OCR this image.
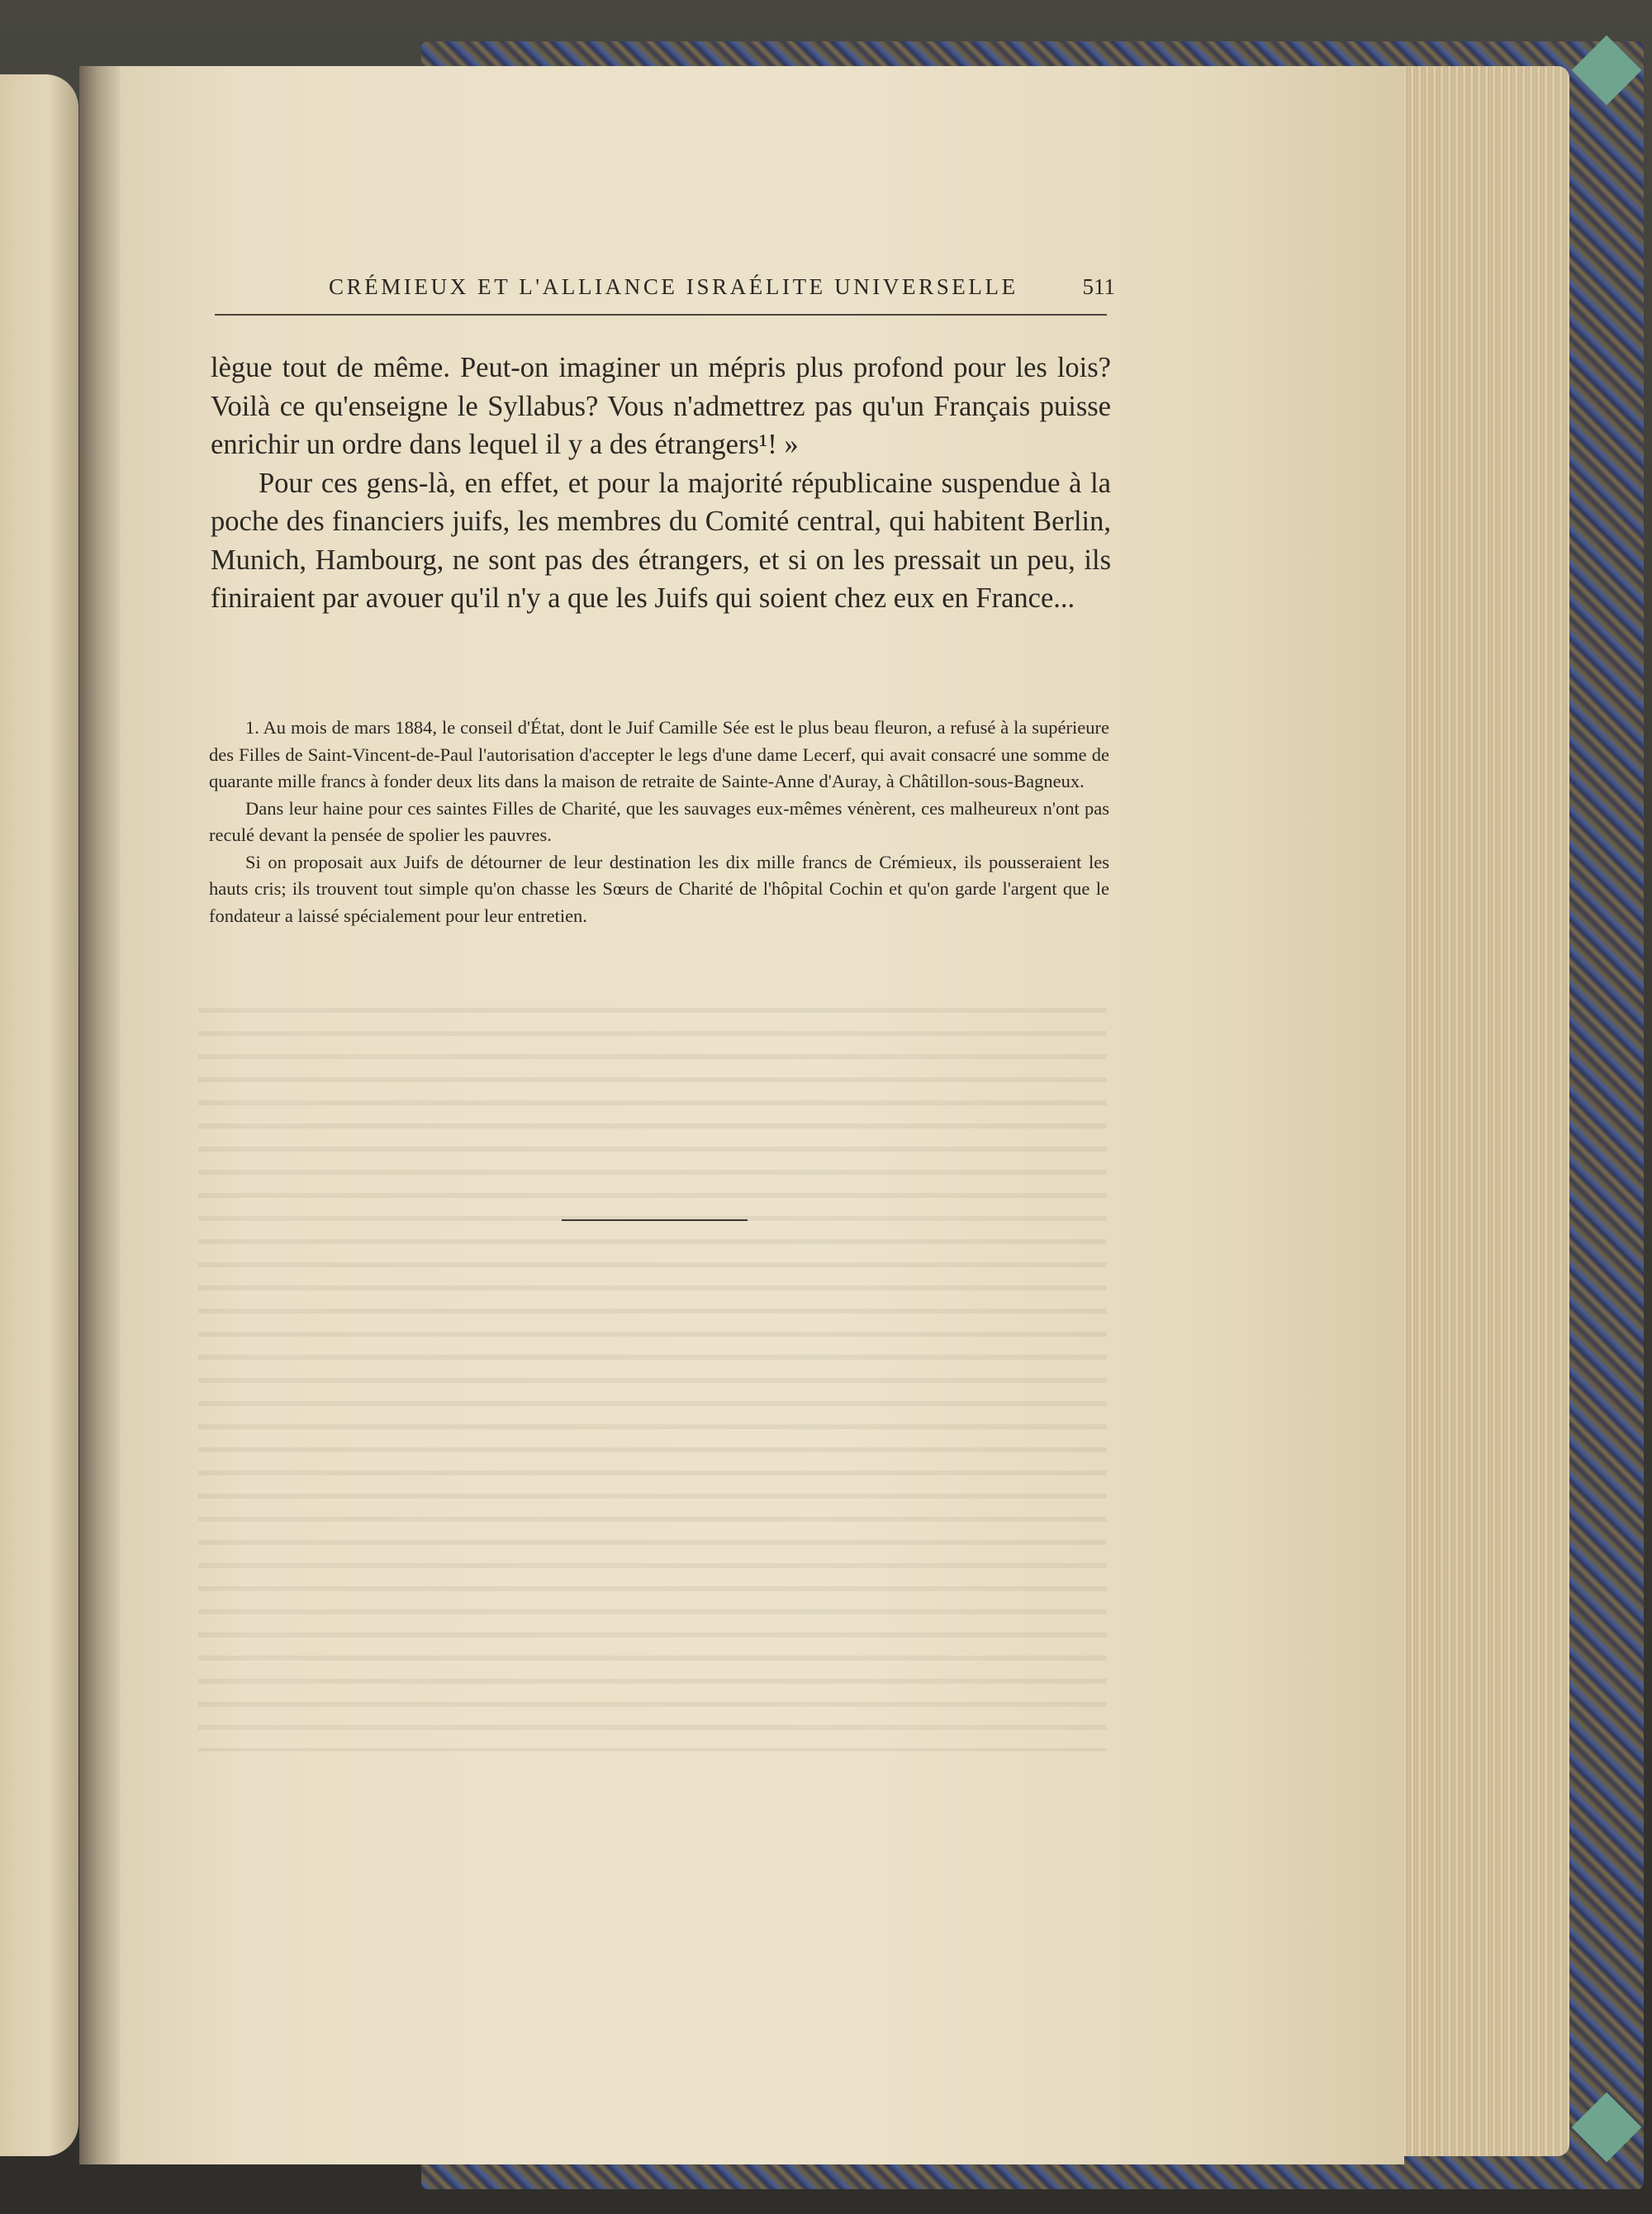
CRÉMIEUX ET L'ALLIANCE ISRAÉLITE UNIVERSELLE	511

lègue tout de même. Peut-on imaginer un mépris plus profond pour les lois? Voilà ce qu'enseigne le Syllabus? Vous n'admettrez pas qu'un Français puisse enrichir un ordre dans lequel il y a des étrangers¹! »

Pour ces gens-là, en effet, et pour la majorité républicaine suspendue à la poche des financiers juifs, les membres du Comité central, qui habitent Berlin, Munich, Hambourg, ne sont pas des étrangers, et si on les pressait un peu, ils finiraient par avouer qu'il n'y a que les Juifs qui soient chez eux en France...

1. Au mois de mars 1884, le conseil d'État, dont le Juif Camille Sée est le plus beau fleuron, a refusé à la supérieure des Filles de Saint-Vincent-de-Paul l'autorisation d'accepter le legs d'une dame Lecerf, qui avait consacré une somme de quarante mille francs à fonder deux lits dans la maison de retraite de Sainte-Anne d'Auray, à Châtillon-sous-Bagneux.

Dans leur haine pour ces saintes Filles de Charité, que les sauvages eux-mêmes vénèrent, ces malheureux n'ont pas reculé devant la pensée de spolier les pauvres.

Si on proposait aux Juifs de détourner de leur destination les dix mille francs de Crémieux, ils pousseraient les hauts cris; ils trouvent tout simple qu'on chasse les Sœurs de Charité de l'hôpital Cochin et qu'on garde l'argent que le fondateur a laissé spécialement pour leur entretien.
